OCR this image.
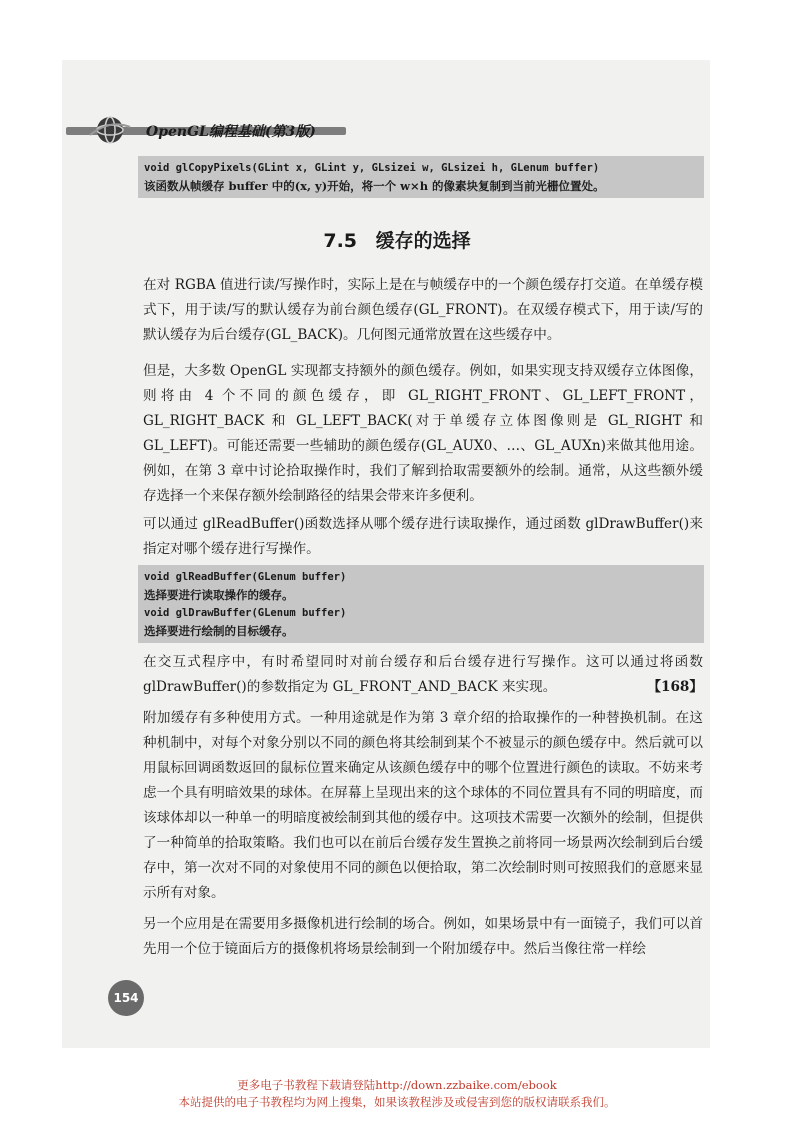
OpenGL编程基础(第3版)
void glCopyPixels(GLint x, GLint y, GLsizei w, GLsizei h, GLenum buffer)
该函数从帧缓存 buffer 中的(x, y)开始，将一个 w×h 的像素块复制到当前光栅位置处。
7.5 缓存的选择
在对 RGBA 值进行读/写操作时，实际上是在与帧缓存中的一个颜色缓存打交道。在单缓存模式下，用于读/写的默认缓存为前台颜色缓存(GL_FRONT)。在双缓存模式下，用于读/写的默认缓存为后台缓存(GL_BACK)。几何图元通常放置在这些缓存中。
但是，大多数 OpenGL 实现都支持额外的颜色缓存。例如，如果实现支持双缓存立体图像，则将由 4 个不同的颜色缓存，即 GL_RIGHT_FRONT、GL_LEFT_FRONT，GL_RIGHT_BACK 和 GL_LEFT_BACK(对于单缓存立体图像则是 GL_RIGHT 和 GL_LEFT)。可能还需要一些辅助的颜色缓存(GL_AUX0、…、GL_AUXn)来做其他用途。例如，在第 3 章中讨论拾取操作时，我们了解到拾取需要额外的绘制。通常，从这些额外缓存选择一个来保存额外绘制路径的结果会带来许多便利。
可以通过 glReadBuffer()函数选择从哪个缓存进行读取操作，通过函数 glDrawBuffer()来指定对哪个缓存进行写操作。
void glReadBuffer(GLenum buffer)
选择要进行读取操作的缓存。
void glDrawBuffer(GLenum buffer)
选择要进行绘制的目标缓存。
在交互式程序中，有时希望同时对前台缓存和后台缓存进行写操作。这可以通过将函数 glDrawBuffer()的参数指定为 GL_FRONT_AND_BACK 来实现。	【168】
附加缓存有多种使用方式。一种用途就是作为第 3 章介绍的拾取操作的一种替换机制。在这种机制中，对每个对象分别以不同的颜色将其绘制到某个不被显示的颜色缓存中。然后就可以用鼠标回调函数返回的鼠标位置来确定从该颜色缓存中的哪个位置进行颜色的读取。不妨来考虑一个具有明暗效果的球体。在屏幕上呈现出来的这个球体的不同位置具有不同的明暗度，而该球体却以一种单一的明暗度被绘制到其他的缓存中。这项技术需要一次额外的绘制，但提供了一种简单的拾取策略。我们也可以在前后台缓存发生置换之前将同一场景两次绘制到后台缓存中，第一次对不同的对象使用不同的颜色以便拾取，第二次绘制时则可按照我们的意愿来显示所有对象。
另一个应用是在需要用多摄像机进行绘制的场合。例如，如果场景中有一面镜子，我们可以首先用一个位于镜面后方的摄像机将场景绘制到一个附加缓存中。然后当像往常一样绘
154
更多电子书教程下载请登陆http://down.zzbaike.com/ebook
本站提供的电子书教程均为网上搜集，如果该教程涉及或侵害到您的版权请联系我们。
